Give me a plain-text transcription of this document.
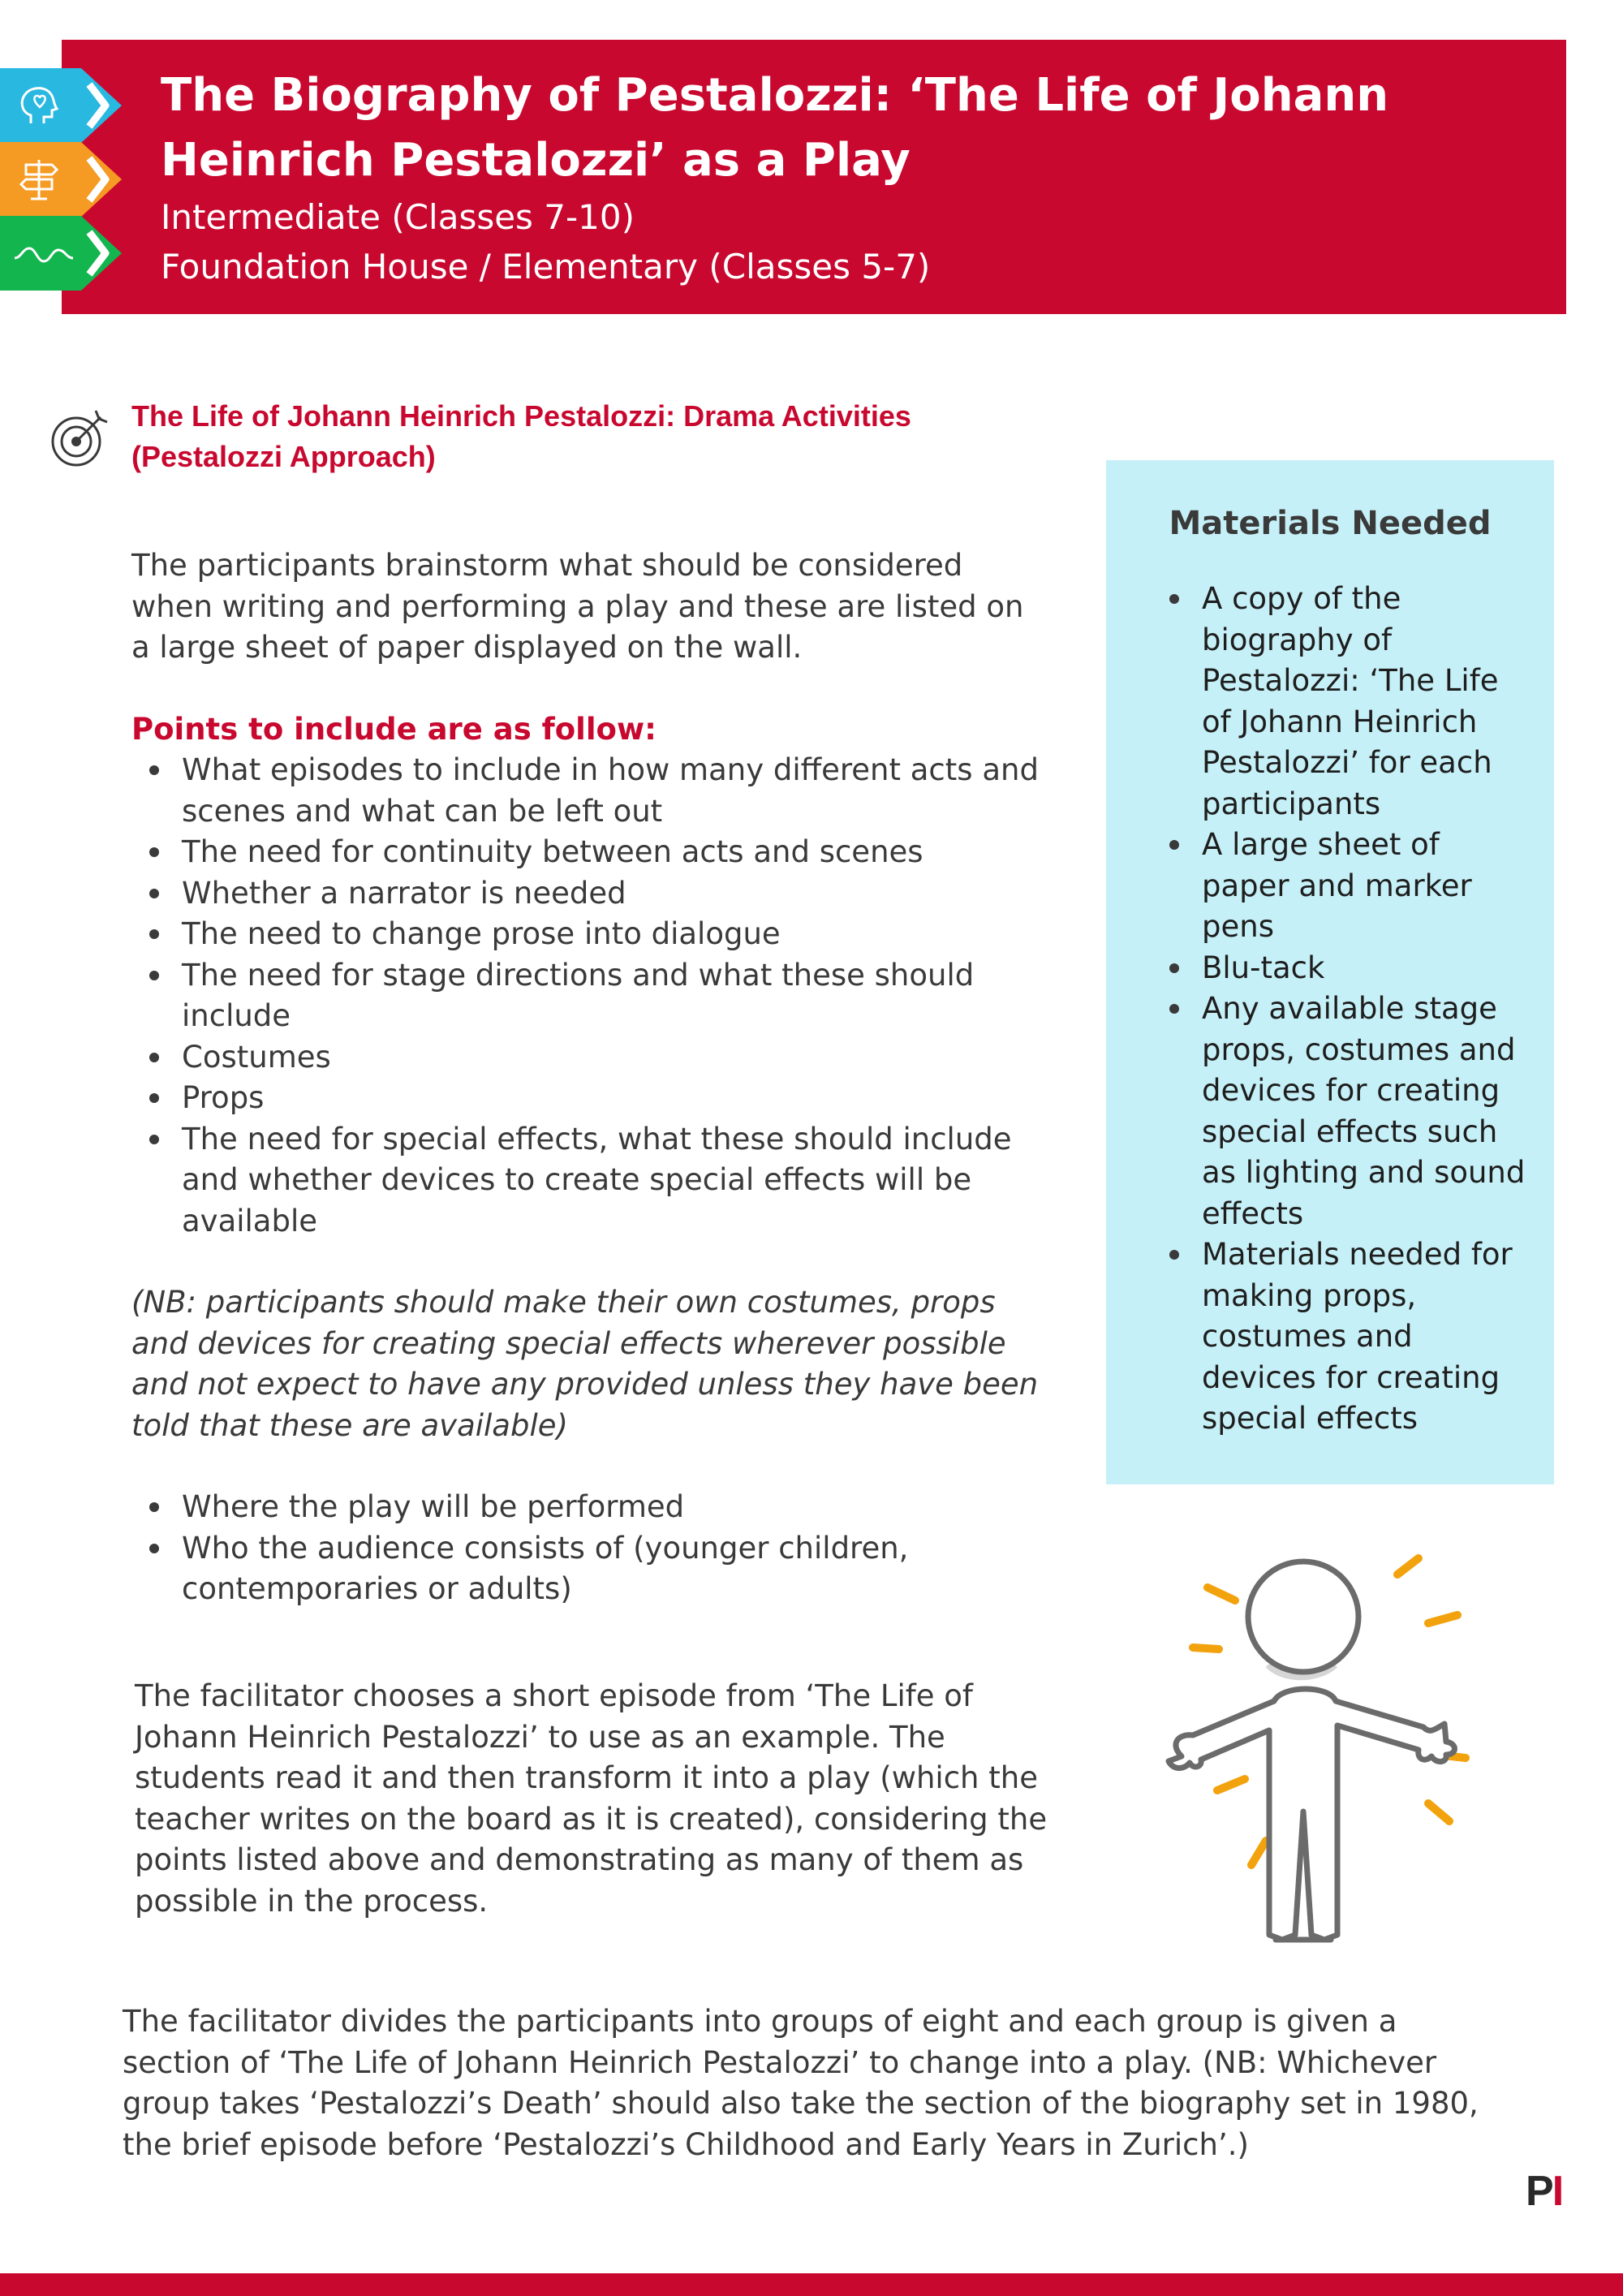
The Biography of Pestalozzi: ‘The Life of Johann Heinrich Pestalozzi’ as a Play
Intermediate (Classes 7-10)
Foundation House / Elementary (Classes 5-7)
The Life of Johann Heinrich Pestalozzi: Drama Activities (Pestalozzi Approach)
The participants brainstorm what should be considered when writing and performing a play and these are listed on a large sheet of paper displayed on the wall.
Points to include are as follow:
What episodes to include in how many different acts and scenes and what can be left out
The need for continuity between acts and scenes
Whether a narrator is needed
The need to change prose into dialogue
The need for stage directions and what these should include
Costumes
Props
The need for special effects, what these should include and whether devices to create special effects will be available
(NB: participants should make their own costumes, props and devices for creating special effects wherever possible and not expect to have any provided unless they have been told that these are available)
Where the play will be performed
Who the audience consists of (younger children, contemporaries or adults)
The facilitator chooses a short episode from ‘The Life of Johann Heinrich Pestalozzi’ to use as an example. The students read it and then transform it into a play (which the teacher writes on the board as it is created), considering the points listed above and demonstrating as many of them as possible in the process.
The facilitator divides the participants into groups of eight and each group is given a section of ‘The Life of Johann Heinrich Pestalozzi’ to change into a play. (NB: Whichever group takes ‘Pestalozzi’s Death’ should also take the section of the biography set in 1980, the brief episode before ‘Pestalozzi’s Childhood and Early Years in Zurich’.)
Materials Needed
A copy of the biography of Pestalozzi: ‘The Life of Johann Heinrich Pestalozzi’ for each participants
A large sheet of paper and marker pens
Blu-tack
Any available stage props, costumes and devices for creating special effects such as lighting and sound effects
Materials needed for making props, costumes and devices for creating special effects
PI
